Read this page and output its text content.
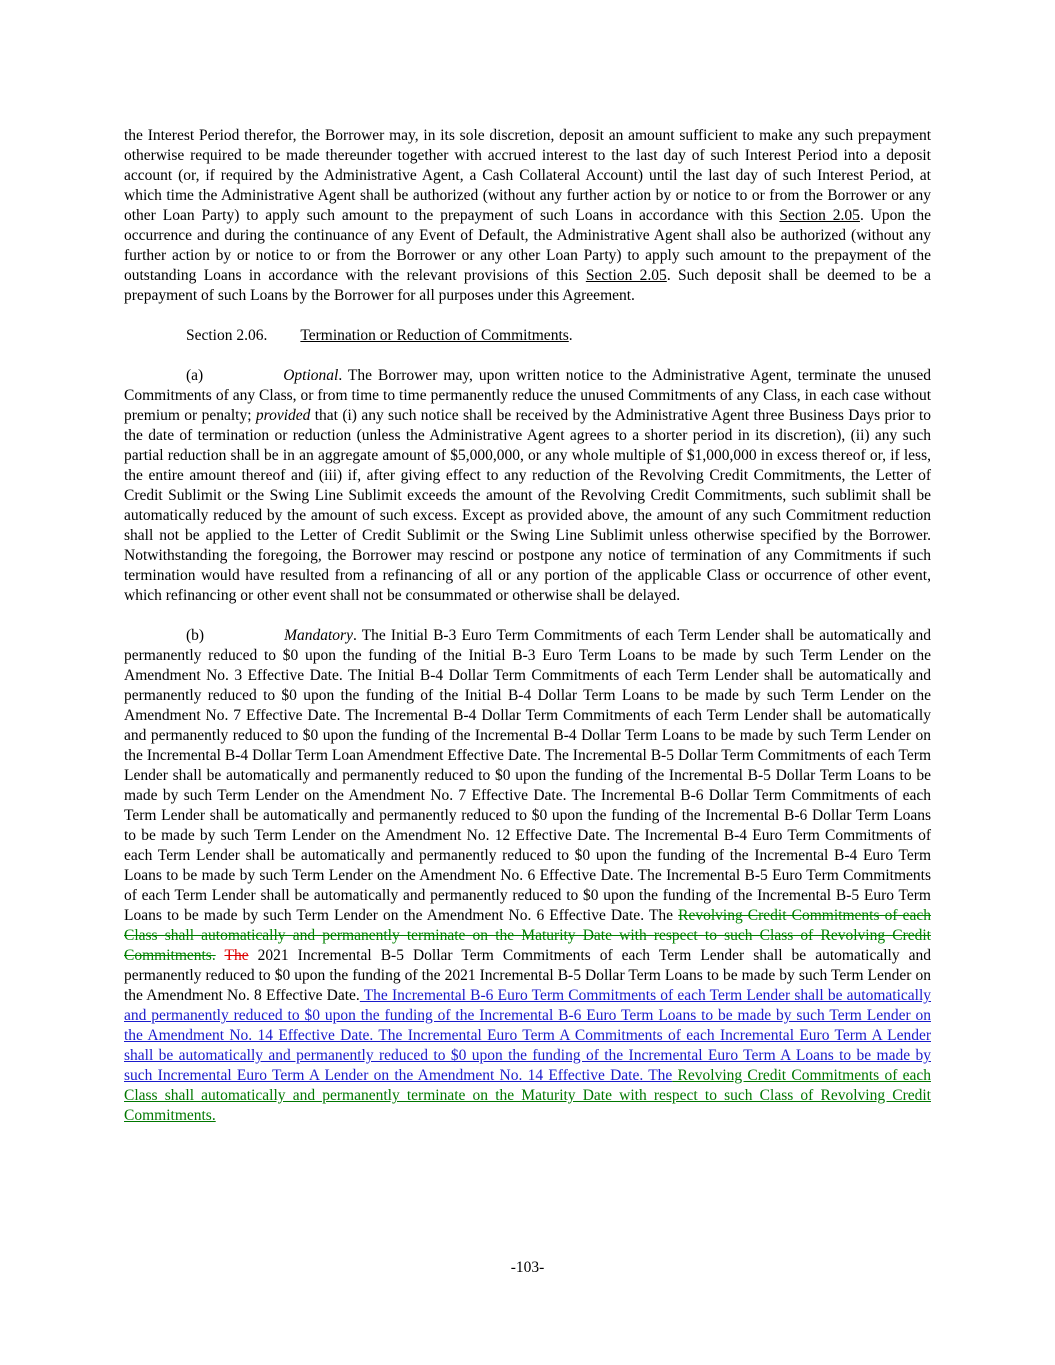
the Interest Period therefor, the Borrower may, in its sole discretion, deposit an amount sufficient to make any such prepayment otherwise required to be made thereunder together with accrued interest to the last day of such Interest Period into a deposit account (or, if required by the Administrative Agent, a Cash Collateral Account) until the last day of such Interest Period, at which time the Administrative Agent shall be authorized (without any further action by or notice to or from the Borrower or any other Loan Party) to apply such amount to the prepayment of such Loans in accordance with this Section 2.05. Upon the occurrence and during the continuance of any Event of Default, the Administrative Agent shall also be authorized (without any further action by or notice to or from the Borrower or any other Loan Party) to apply such amount to the prepayment of the outstanding Loans in accordance with the relevant provisions of this Section 2.05. Such deposit shall be deemed to be a prepayment of such Loans by the Borrower for all purposes under this Agreement.
Section 2.06. Termination or Reduction of Commitments.
(a)	Optional. The Borrower may, upon written notice to the Administrative Agent, terminate the unused Commitments of any Class, or from time to time permanently reduce the unused Commitments of any Class, in each case without premium or penalty; provided that (i) any such notice shall be received by the Administrative Agent three Business Days prior to the date of termination or reduction (unless the Administrative Agent agrees to a shorter period in its discretion), (ii) any such partial reduction shall be in an aggregate amount of $5,000,000, or any whole multiple of $1,000,000 in excess thereof or, if less, the entire amount thereof and (iii) if, after giving effect to any reduction of the Revolving Credit Commitments, the Letter of Credit Sublimit or the Swing Line Sublimit exceeds the amount of the Revolving Credit Commitments, such sublimit shall be automatically reduced by the amount of such excess. Except as provided above, the amount of any such Commitment reduction shall not be applied to the Letter of Credit Sublimit or the Swing Line Sublimit unless otherwise specified by the Borrower. Notwithstanding the foregoing, the Borrower may rescind or postpone any notice of termination of any Commitments if such termination would have resulted from a refinancing of all or any portion of the applicable Class or occurrence of other event, which refinancing or other event shall not be consummated or otherwise shall be delayed.
(b)	Mandatory. The Initial B-3 Euro Term Commitments of each Term Lender shall be automatically and permanently reduced to $0 upon the funding of the Initial B-3 Euro Term Loans to be made by such Term Lender on the Amendment No. 3 Effective Date. The Initial B-4 Dollar Term Commitments of each Term Lender shall be automatically and permanently reduced to $0 upon the funding of the Initial B-4 Dollar Term Loans to be made by such Term Lender on the Amendment No. 7 Effective Date. The Incremental B-4 Dollar Term Commitments of each Term Lender shall be automatically and permanently reduced to $0 upon the funding of the Incremental B-4 Dollar Term Loans to be made by such Term Lender on the Incremental B-4 Dollar Term Loan Amendment Effective Date. The Incremental B-5 Dollar Term Commitments of each Term Lender shall be automatically and permanently reduced to $0 upon the funding of the Incremental B-5 Dollar Term Loans to be made by such Term Lender on the Amendment No. 7 Effective Date. The Incremental B-6 Dollar Term Commitments of each Term Lender shall be automatically and permanently reduced to $0 upon the funding of the Incremental B-6 Dollar Term Loans to be made by such Term Lender on the Amendment No. 12 Effective Date. The Incremental B-4 Euro Term Commitments of each Term Lender shall be automatically and permanently reduced to $0 upon the funding of the Incremental B-4 Euro Term Loans to be made by such Term Lender on the Amendment No. 6 Effective Date. The Incremental B-5 Euro Term Commitments of each Term Lender shall be automatically and permanently reduced to $0 upon the funding of the Incremental B-5 Euro Term Loans to be made by such Term Lender on the Amendment No. 6 Effective Date. The Revolving Credit Commitments of each Class shall automatically and permanently terminate on the Maturity Date with respect to such Class of Revolving Credit Commitments. The 2021 Incremental B-5 Dollar Term Commitments of each Term Lender shall be automatically and permanently reduced to $0 upon the funding of the 2021 Incremental B-5 Dollar Term Loans to be made by such Term Lender on the Amendment No. 8 Effective Date. The Incremental B-6 Euro Term Commitments of each Term Lender shall be automatically and permanently reduced to $0 upon the funding of the Incremental B-6 Euro Term Loans to be made by such Term Lender on the Amendment No. 14 Effective Date. The Incremental Euro Term A Commitments of each Incremental Euro Term A Lender shall be automatically and permanently reduced to $0 upon the funding of the Incremental Euro Term A Loans to be made by such Incremental Euro Term A Lender on the Amendment No. 14 Effective Date. The Revolving Credit Commitments of each Class shall automatically and permanently terminate on the Maturity Date with respect to such Class of Revolving Credit Commitments.
-103-
